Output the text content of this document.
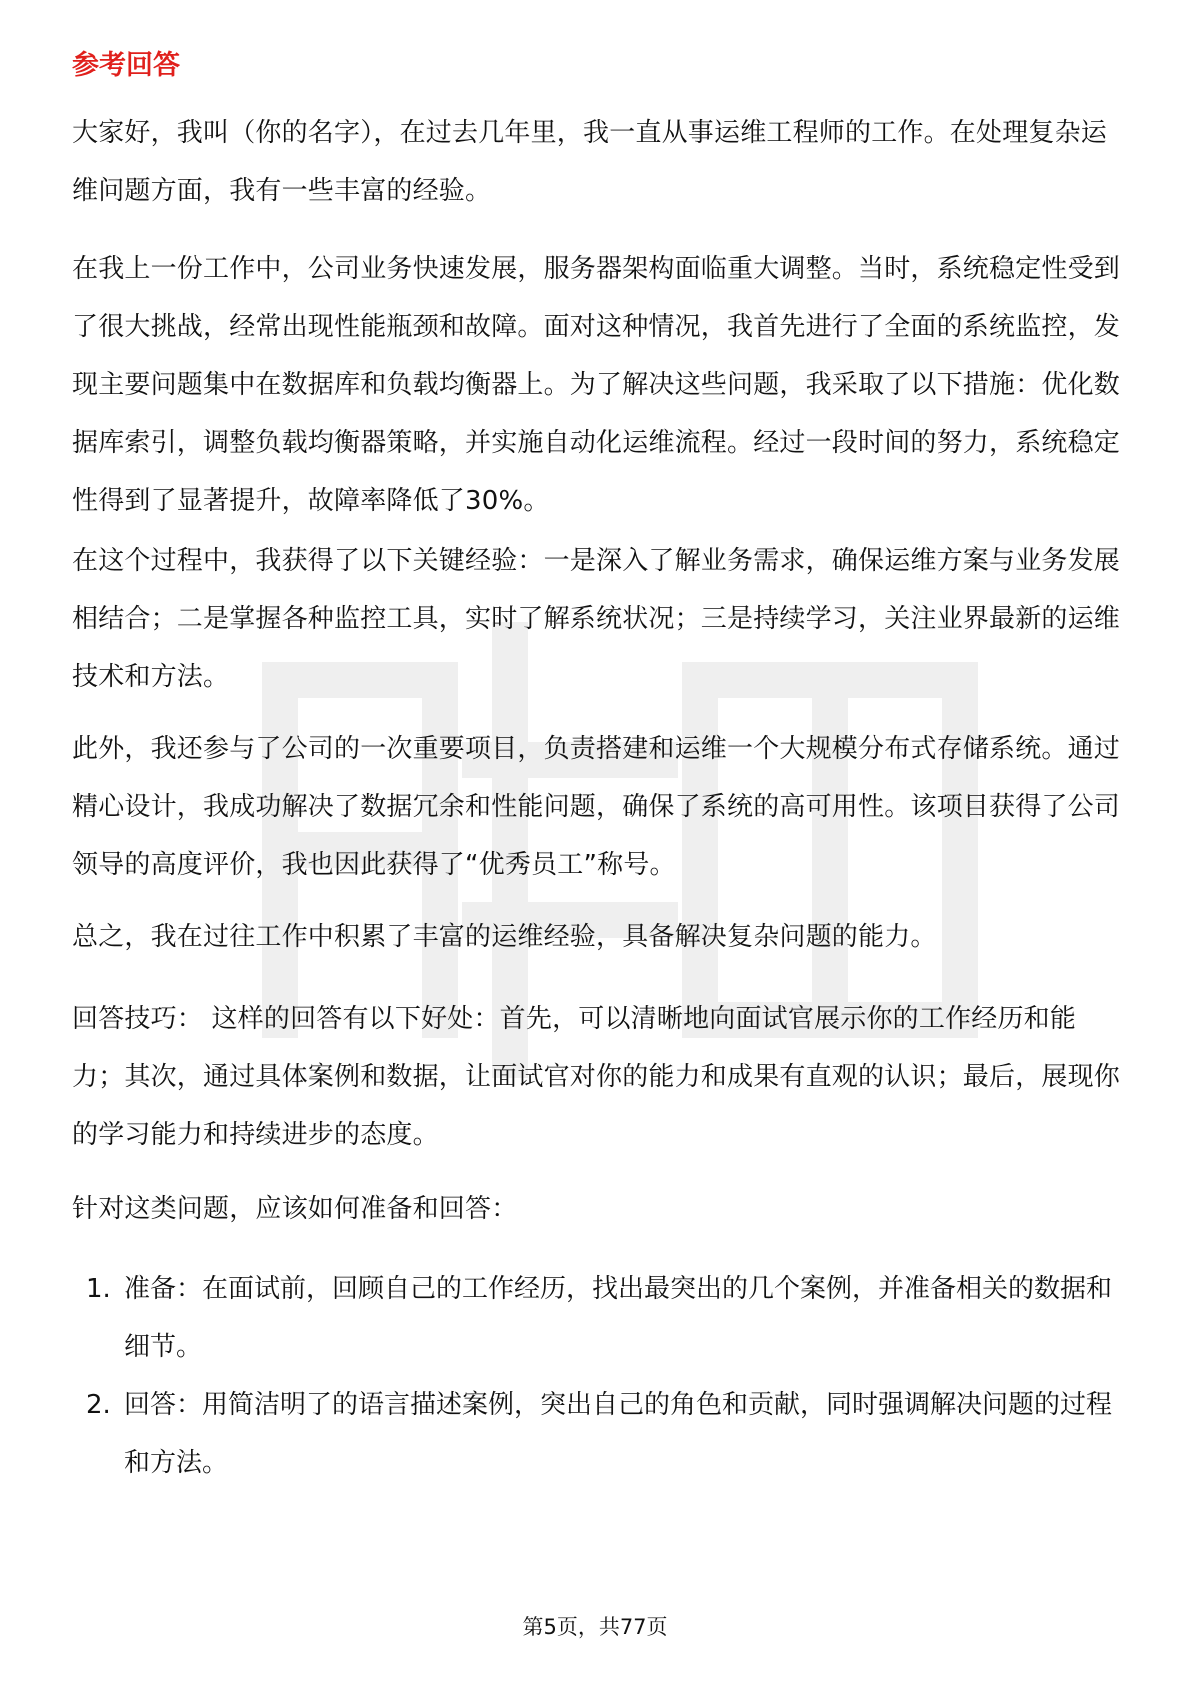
参考回答

大家好，我叫（你的名字），在过去几年里，我一直从事运维工程师的工作。在处理复杂运维问题方面，我有一些丰富的经验。

在我上一份工作中，公司业务快速发展，服务器架构面临重大调整。当时，系统稳定性受到了很大挑战，经常出现性能瓶颈和故障。面对这种情况，我首先进行了全面的系统监控，发现主要问题集中在数据库和负载均衡器上。为了解决这些问题，我采取了以下措施：优化数据库索引，调整负载均衡器策略，并实施自动化运维流程。经过一段时间的努力，系统稳定性得到了显著提升，故障率降低了30%。

在这个过程中，我获得了以下关键经验：一是深入了解业务需求，确保运维方案与业务发展相结合；二是掌握各种监控工具，实时了解系统状况；三是持续学习，关注业界最新的运维技术和方法。

此外，我还参与了公司的一次重要项目，负责搭建和运维一个大规模分布式存储系统。通过精心设计，我成功解决了数据冗余和性能问题，确保了系统的高可用性。该项目获得了公司领导的高度评价，我也因此获得了“优秀员工”称号。

总之，我在过往工作中积累了丰富的运维经验，具备解决复杂问题的能力。

回答技巧： 这样的回答有以下好处：首先，可以清晰地向面试官展示你的工作经历和能力；其次，通过具体案例和数据，让面试官对你的能力和成果有直观的认识；最后，展现你的学习能力和持续进步的态度。

针对这类问题，应该如何准备和回答：

1. 准备：在面试前，回顾自己的工作经历，找出最突出的几个案例，并准备相关的数据和细节。
2. 回答：用简洁明了的语言描述案例，突出自己的角色和贡献，同时强调解决问题的过程和方法。
第5页，共77页
